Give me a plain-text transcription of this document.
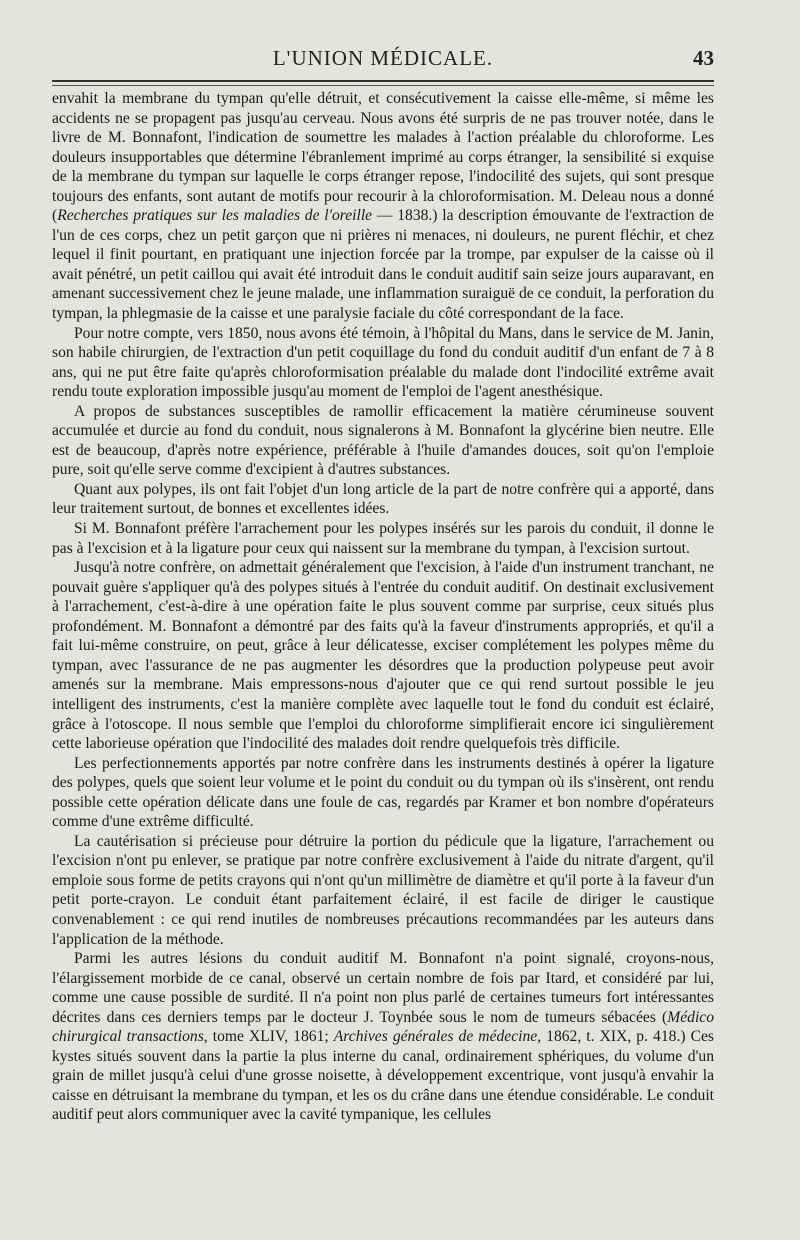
L'UNION MÉDICALE.	43

envahit la membrane du tympan qu'elle détruit, et consécutivement la caisse elle-même, si même les accidents ne se propagent pas jusqu'au cerveau. Nous avons été surpris de ne pas trouver notée, dans le livre de M. Bonnafont, l'indication de soumettre les malades à l'action préalable du chloroforme. Les douleurs insupportables que détermine l'ébranlement imprimé au corps étranger, la sensibilité si exquise de la membrane du tympan sur laquelle le corps étranger repose, l'indocilité des sujets, qui sont presque toujours des enfants, sont autant de motifs pour recourir à la chloroformisation. M. Deleau nous a donné (Recherches pratiques sur les maladies de l'oreille — 1838.) la description émouvante de l'extraction de l'un de ces corps, chez un petit garçon que ni prières ni menaces, ni douleurs, ne purent fléchir, et chez lequel il finit pourtant, en pratiquant une injection forcée par la trompe, par expulser de la caisse où il avait pénétré, un petit caillou qui avait été introduit dans le conduit auditif sain seize jours auparavant, en amenant successivement chez le jeune malade, une inflammation suraiguë de ce conduit, la perforation du tympan, la phlegmasie de la caisse et une paralysie faciale du côté correspondant de la face.

Pour notre compte, vers 1850, nous avons été témoin, à l'hôpital du Mans, dans le service de M. Janin, son habile chirurgien, de l'extraction d'un petit coquillage du fond du conduit auditif d'un enfant de 7 à 8 ans, qui ne put être faite qu'après chloroformisation préalable du malade dont l'indocilité extrême avait rendu toute exploration impossible jusqu'au moment de l'emploi de l'agent anesthésique.

A propos de substances susceptibles de ramollir efficacement la matière cérumineuse souvent accumulée et durcie au fond du conduit, nous signalerons à M. Bonnafont la glycérine bien neutre. Elle est de beaucoup, d'après notre expérience, préférable à l'huile d'amandes douces, soit qu'on l'emploie pure, soit qu'elle serve comme d'excipient à d'autres substances.

Quant aux polypes, ils ont fait l'objet d'un long article de la part de notre confrère qui a apporté, dans leur traitement surtout, de bonnes et excellentes idées.

Si M. Bonnafont préfère l'arrachement pour les polypes insérés sur les parois du conduit, il donne le pas à l'excision et à la ligature pour ceux qui naissent sur la membrane du tympan, à l'excision surtout.

Jusqu'à notre confrère, on admettait généralement que l'excision, à l'aide d'un instrument tranchant, ne pouvait guère s'appliquer qu'à des polypes situés à l'entrée du conduit auditif. On destinait exclusivement à l'arrachement, c'est-à-dire à une opération faite le plus souvent comme par surprise, ceux situés plus profondément. M. Bonnafont a démontré par des faits qu'à la faveur d'instruments appropriés, et qu'il a fait lui-même construire, on peut, grâce à leur délicatesse, exciser complétement les polypes même du tympan, avec l'assurance de ne pas augmenter les désordres que la production polypeuse peut avoir amenés sur la membrane. Mais empressons-nous d'ajouter que ce qui rend surtout possible le jeu intelligent des instruments, c'est la manière complète avec laquelle tout le fond du conduit est éclairé, grâce à l'otoscope. Il nous semble que l'emploi du chloroforme simplifierait encore ici singulièrement cette laborieuse opération que l'indocilité des malades doit rendre quelquefois très difficile.

Les perfectionnements apportés par notre confrère dans les instruments destinés à opérer la ligature des polypes, quels que soient leur volume et le point du conduit ou du tympan où ils s'insèrent, ont rendu possible cette opération délicate dans une foule de cas, regardés par Kramer et bon nombre d'opérateurs comme d'une extrême difficulté.

La cautérisation si précieuse pour détruire la portion du pédicule que la ligature, l'arrachement ou l'excision n'ont pu enlever, se pratique par notre confrère exclusivement à l'aide du nitrate d'argent, qu'il emploie sous forme de petits crayons qui n'ont qu'un millimètre de diamètre et qu'il porte à la faveur d'un petit porte-crayon. Le conduit étant parfaitement éclairé, il est facile de diriger le caustique convenablement : ce qui rend inutiles de nombreuses précautions recommandées par les auteurs dans l'application de la méthode.

Parmi les autres lésions du conduit auditif M. Bonnafont n'a point signalé, croyons-nous, l'élargissement morbide de ce canal, observé un certain nombre de fois par Itard, et considéré par lui, comme une cause possible de surdité. Il n'a point non plus parlé de certaines tumeurs fort intéressantes décrites dans ces derniers temps par le docteur J. Toynbée sous le nom de tumeurs sébacées (Médico chirurgical transactions, tome XLIV, 1861; Archives générales de médecine, 1862, t. XIX, p. 418.) Ces kystes situés souvent dans la partie la plus interne du canal, ordinairement sphériques, du volume d'un grain de millet jusqu'à celui d'une grosse noisette, à développement excentrique, vont jusqu'à envahir la caisse en détruisant la membrane du tympan, et les os du crâne dans une étendue considérable. Le conduit auditif peut alors communiquer avec la cavité tympanique, les cellules
